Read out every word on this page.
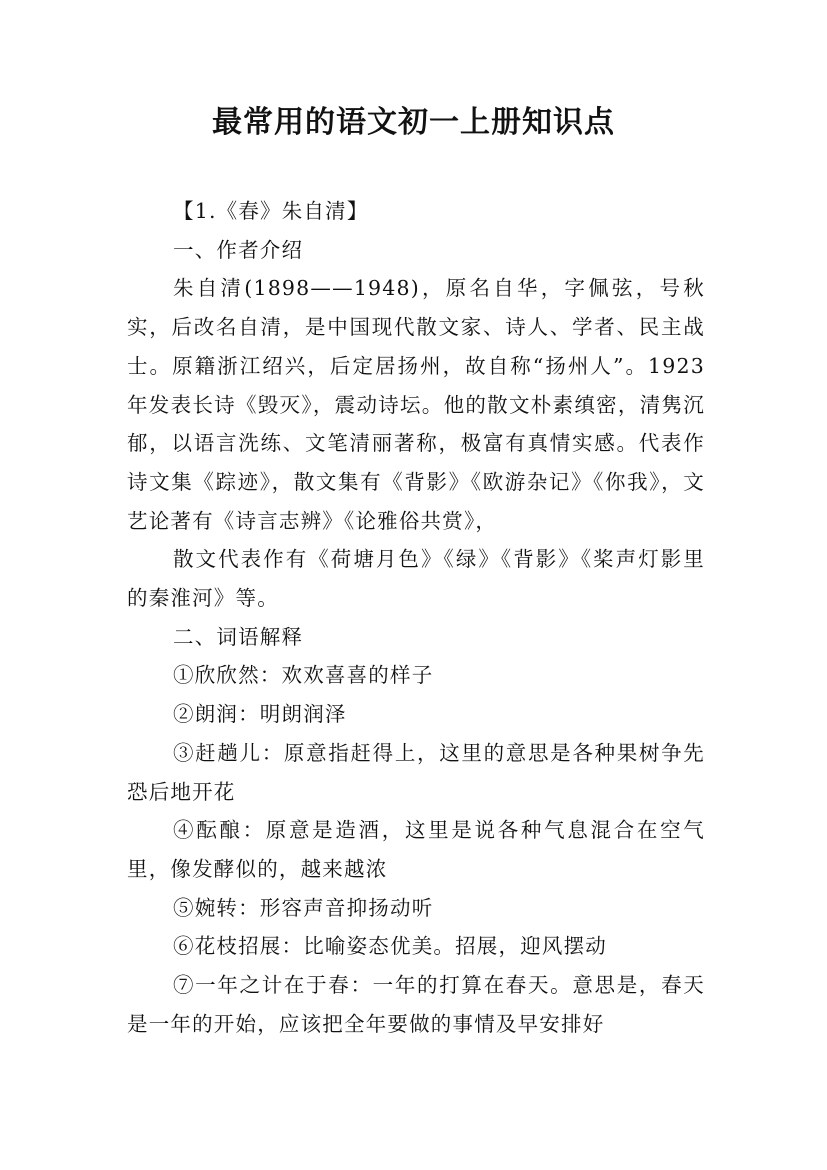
最常用的语文初一上册知识点

【1.《春》朱自清】

一、作者介绍

朱自清(1898——1948)，原名自华，字佩弦，号秋实，后改名自清，是中国现代散文家、诗人、学者、民主战士。原籍浙江绍兴，后定居扬州，故自称“扬州人”。1923年发表长诗《毁灭》，震动诗坛。他的散文朴素缜密，清隽沉郁，以语言洗练、文笔清丽著称，极富有真情实感。代表作诗文集《踪迹》，散文集有《背影》《欧游杂记》《你我》，文艺论著有《诗言志辨》《论雅俗共赏》，

散文代表作有《荷塘月色》《绿》《背影》《桨声灯影里的秦淮河》等。

二、词语解释

①欣欣然：欢欢喜喜的样子

②朗润：明朗润泽

③赶趟儿：原意指赶得上，这里的意思是各种果树争先恐后地开花

④酝酿：原意是造酒，这里是说各种气息混合在空气里，像发酵似的，越来越浓

⑤婉转：形容声音抑扬动听

⑥花枝招展：比喻姿态优美。招展，迎风摆动

⑦一年之计在于春：一年的打算在春天。意思是，春天是一年的开始，应该把全年要做的事情及早安排好
